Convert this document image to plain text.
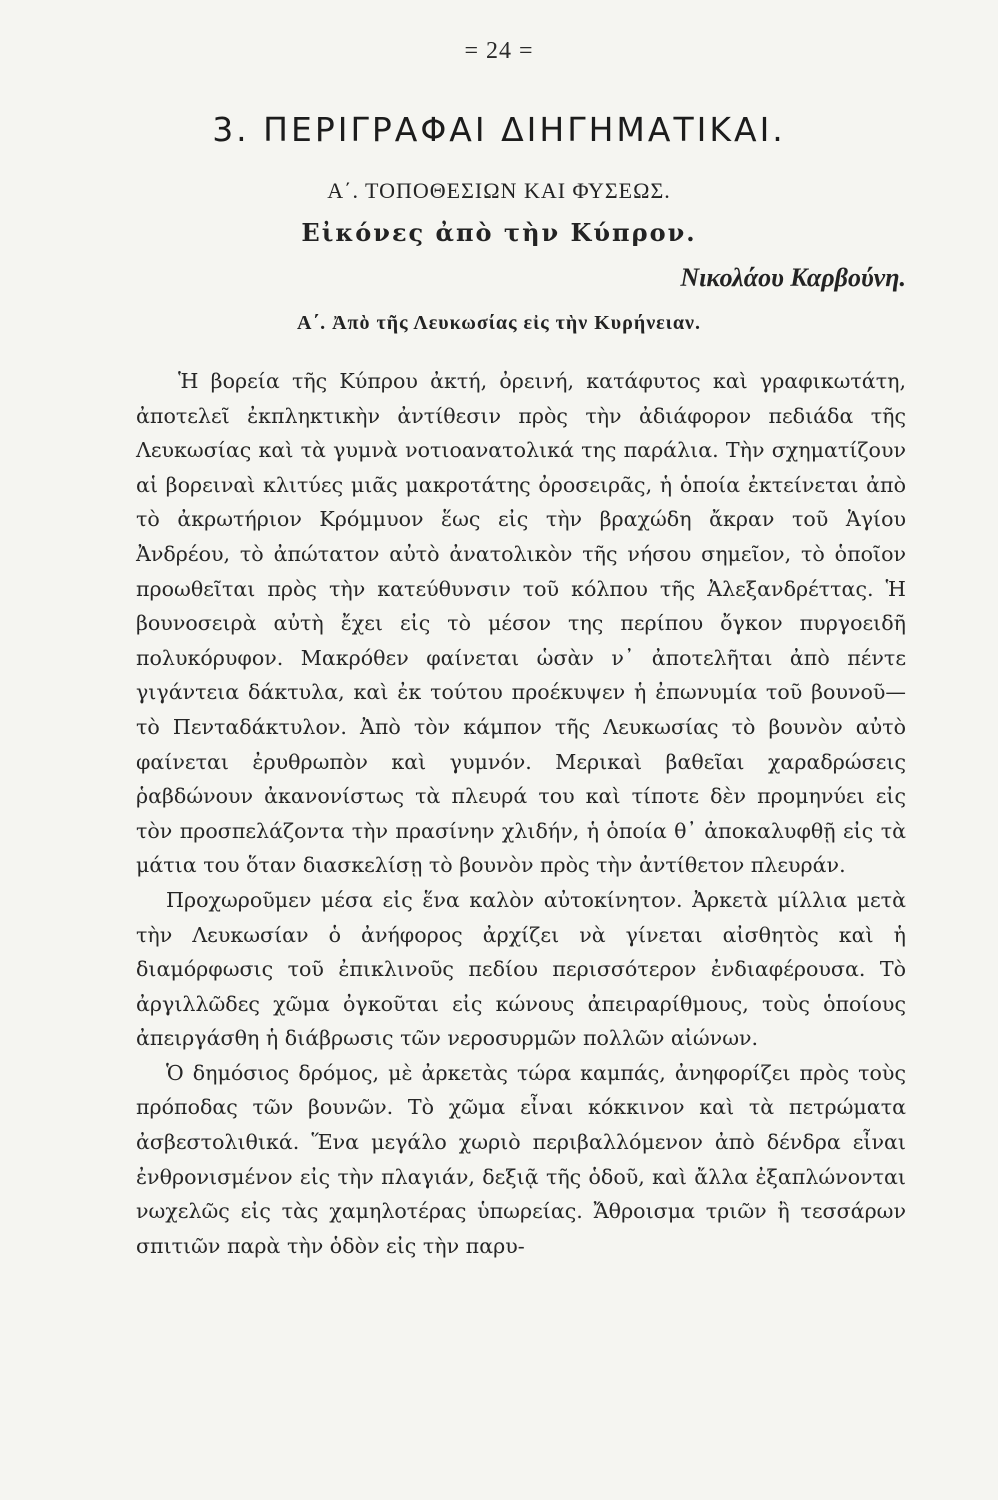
= 24 =
3. ΠΕΡΙΓΡΑΦΑΙ ΔΙΗΓΗΜΑΤΙΚΑΙ.
Α΄. ΤΟΠΟΘΕΣΙΩΝ ΚΑΙ ΦΥΣΕΩΣ.
Εἰκόνες ἀπὸ τὴν Κύπρον.
Νικολάου Καρβούνη.
Α΄. Ἀπὸ τῆς Λευκωσίας εἰς τὴν Κυρήνειαν.

Ἡ βορεία τῆς Κύπρου ἀκτή, ὀρεινή, κατάφυτος καὶ γραφικωτάτη, ἀποτελεῖ ἐκπληκτικὴν ἀντίθεσιν πρὸς τὴν ἀδιάφορον πεδιάδα τῆς Λευκωσίας καὶ τὰ γυμνὰ νοτιοανατολικά της παράλια. Τὴν σχηματίζουν αἱ βορειναὶ κλιτύες μιᾶς μακροτάτης ὀροσειρᾶς, ἡ ὁποία ἐκτείνεται ἀπὸ τὸ ἀκρωτήριον Κρόμμυον ἕως εἰς τὴν βραχώδη ἄκραν τοῦ Ἁγίου Ἀνδρέου, τὸ ἀπώτατον αὐτὸ ἀνατολικὸν τῆς νήσου σημεῖον, τὸ ὁποῖον προωθεῖται πρὸς τὴν κατεύθυνσιν τοῦ κόλπου τῆς Ἀλεξανδρέττας. Ἡ βουνοσειρὰ αὐτὴ ἔχει εἰς τὸ μέσον της περίπου ὄγκον πυργοειδῆ πολυκόρυφον. Μακρόθεν φαίνεται ὡσὰν ν᾽ ἀποτελῆται ἀπὸ πέντε γιγάντεια δάκτυλα, καὶ ἐκ τούτου προέκυψεν ἡ ἐπωνυμία τοῦ βουνοῦ—τὸ Πενταδάκτυλον. Ἀπὸ τὸν κάμπον τῆς Λευκωσίας τὸ βουνὸν αὐτὸ φαίνεται ἐρυθρωπὸν καὶ γυμνόν. Μερικαὶ βαθεῖαι χαραδρώσεις ῥαβδώνουν ἀκανονίστως τὰ πλευρά του καὶ τίποτε δὲν προμηνύει εἰς τὸν προσπελάζοντα τὴν πρασίνην χλιδήν, ἡ ὁποία θ᾽ ἀποκαλυφθῇ εἰς τὰ μάτια του ὅταν διασκελίσῃ τὸ βουνὸν πρὸς τὴν ἀντίθετον πλευράν.

Προχωροῦμεν μέσα εἰς ἕνα καλὸν αὐτοκίνητον. Ἀρκετὰ μίλλια μετὰ τὴν Λευκωσίαν ὁ ἀνήφορος ἀρχίζει νὰ γίνεται αἰσθητὸς καὶ ἡ διαμόρφωσις τοῦ ἐπικλινοῦς πεδίου περισσότερον ἐνδιαφέρουσα. Τὸ ἀργιλλῶδες χῶμα ὀγκοῦται εἰς κώνους ἀπειραρίθμους, τοὺς ὁποίους ἀπειργάσθη ἡ διάβρωσις τῶν νεροσυρμῶν πολλῶν αἰώνων.

Ὁ δημόσιος δρόμος, μὲ ἀρκετὰς τώρα καμπάς, ἀνηφορίζει πρὸς τοὺς πρόποδας τῶν βουνῶν. Τὸ χῶμα εἶναι κόκκινον καὶ τὰ πετρώματα ἀσβεστολιθικά. Ἕνα μεγάλο χωριὸ περιβαλλόμενον ἀπὸ δένδρα εἶναι ἐνθρονισμένον εἰς τὴν πλαγιάν, δεξιᾷ τῆς ὁδοῦ, καὶ ἄλλα ἐξαπλώνονται νωχελῶς εἰς τὰς χαμηλοτέρας ὑπωρείας. Ἄθροισμα τριῶν ἢ τεσσάρων σπιτιῶν παρὰ τὴν ὁδὸν εἰς τὴν παρυ-
